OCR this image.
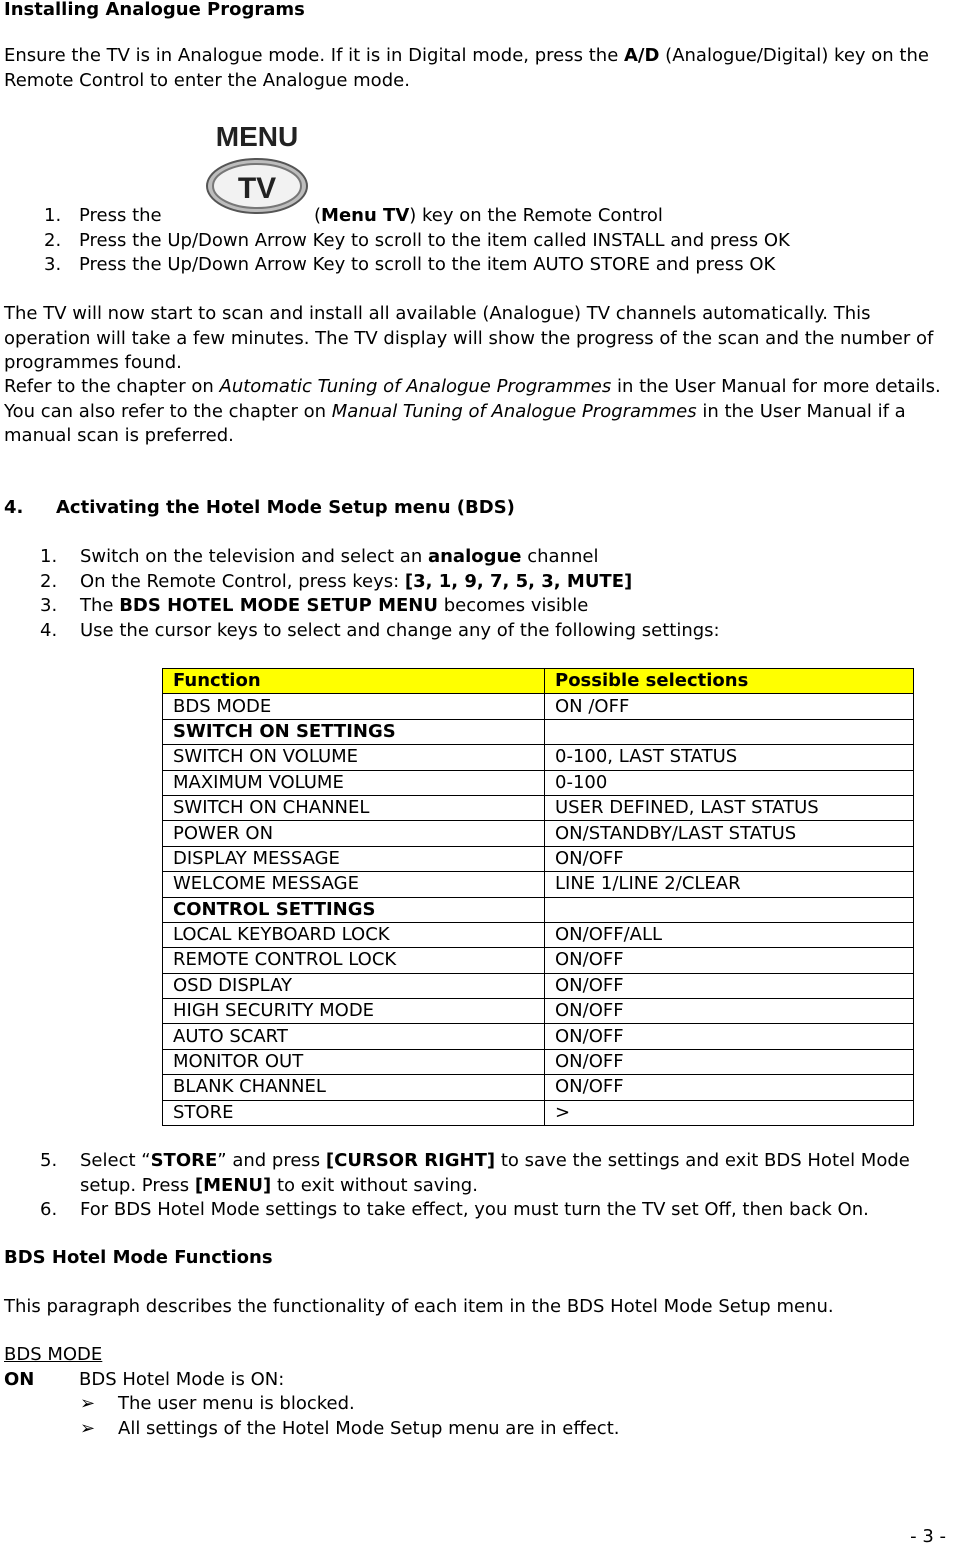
Installing Analogue Programs
Ensure the TV is in Analogue mode. If it is in Digital mode, press the A/D (Analogue/Digital) key on the Remote Control to enter the Analogue mode.
MENU
TV
1. Press the	(Menu TV) key on the Remote Control
2. Press the Up/Down Arrow Key to scroll to the item called INSTALL and press OK
3. Press the Up/Down Arrow Key to scroll to the item AUTO STORE and press OK
The TV will now start to scan and install all available (Analogue) TV channels automatically. This operation will take a few minutes. The TV display will show the progress of the scan and the number of programmes found.
Refer to the chapter on Automatic Tuning of Analogue Programmes in the User Manual for more details. You can also refer to the chapter on Manual Tuning of Analogue Programmes in the User Manual if a manual scan is preferred.
4. Activating the Hotel Mode Setup menu (BDS)
1. Switch on the television and select an analogue channel
2. On the Remote Control, press keys: [3, 1, 9, 7, 5, 3, MUTE]
3. The BDS HOTEL MODE SETUP MENU becomes visible
4. Use the cursor keys to select and change any of the following settings:
Function	Possible selections
BDS MODE	ON /OFF
SWITCH ON SETTINGS	
SWITCH ON VOLUME	0-100, LAST STATUS
MAXIMUM VOLUME	0-100
SWITCH ON CHANNEL	USER DEFINED, LAST STATUS
POWER ON	ON/STANDBY/LAST STATUS
DISPLAY MESSAGE	ON/OFF
WELCOME MESSAGE	LINE 1/LINE 2/CLEAR
CONTROL SETTINGS	
LOCAL KEYBOARD LOCK	ON/OFF/ALL
REMOTE CONTROL LOCK	ON/OFF
OSD DISPLAY	ON/OFF
HIGH SECURITY MODE	ON/OFF
AUTO SCART	ON/OFF
MONITOR OUT	ON/OFF
BLANK CHANNEL	ON/OFF
STORE	>
5. Select “STORE” and press [CURSOR RIGHT] to save the settings and exit BDS Hotel Mode
setup. Press [MENU] to exit without saving.
6. For BDS Hotel Mode settings to take effect, you must turn the TV set Off, then back On.
BDS Hotel Mode Functions
This paragraph describes the functionality of each item in the BDS Hotel Mode Setup menu.
BDS MODE
ON BDS Hotel Mode is ON:
➢ The user menu is blocked.
➢ All settings of the Hotel Mode Setup menu are in effect.
- 3 -
